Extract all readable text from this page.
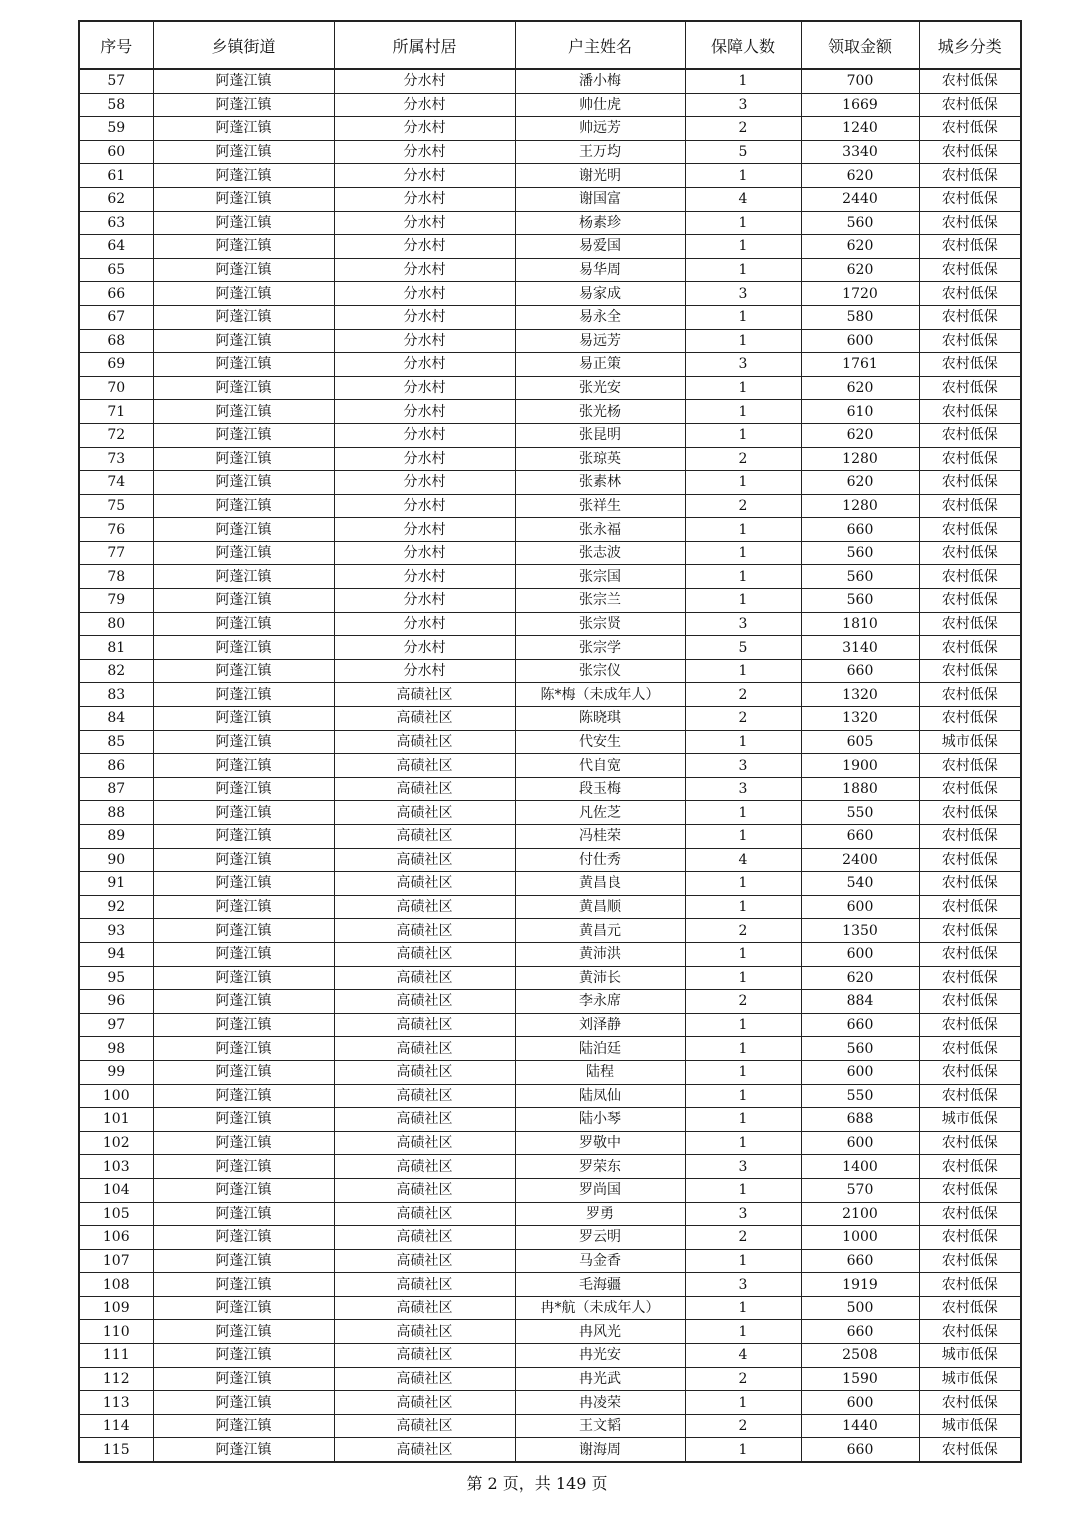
序号	乡镇街道	所属村居	户主姓名	保障人数	领取金额	城乡分类
57	阿蓬江镇	分水村	潘小梅	1	700	农村低保
58	阿蓬江镇	分水村	帅仕虎	3	1669	农村低保
59	阿蓬江镇	分水村	帅远芳	2	1240	农村低保
60	阿蓬江镇	分水村	王万均	5	3340	农村低保
61	阿蓬江镇	分水村	谢光明	1	620	农村低保
62	阿蓬江镇	分水村	谢国富	4	2440	农村低保
63	阿蓬江镇	分水村	杨素珍	1	560	农村低保
64	阿蓬江镇	分水村	易爱国	1	620	农村低保
65	阿蓬江镇	分水村	易华周	1	620	农村低保
66	阿蓬江镇	分水村	易家成	3	1720	农村低保
67	阿蓬江镇	分水村	易永全	1	580	农村低保
68	阿蓬江镇	分水村	易远芳	1	600	农村低保
69	阿蓬江镇	分水村	易正策	3	1761	农村低保
70	阿蓬江镇	分水村	张光安	1	620	农村低保
71	阿蓬江镇	分水村	张光杨	1	610	农村低保
72	阿蓬江镇	分水村	张昆明	1	620	农村低保
73	阿蓬江镇	分水村	张琼英	2	1280	农村低保
74	阿蓬江镇	分水村	张素林	1	620	农村低保
75	阿蓬江镇	分水村	张祥生	2	1280	农村低保
76	阿蓬江镇	分水村	张永福	1	660	农村低保
77	阿蓬江镇	分水村	张志波	1	560	农村低保
78	阿蓬江镇	分水村	张宗国	1	560	农村低保
79	阿蓬江镇	分水村	张宗兰	1	560	农村低保
80	阿蓬江镇	分水村	张宗贤	3	1810	农村低保
81	阿蓬江镇	分水村	张宗学	5	3140	农村低保
82	阿蓬江镇	分水村	张宗仪	1	660	农村低保
83	阿蓬江镇	高碛社区	陈*梅（未成年人）	2	1320	农村低保
84	阿蓬江镇	高碛社区	陈晓琪	2	1320	农村低保
85	阿蓬江镇	高碛社区	代安生	1	605	城市低保
86	阿蓬江镇	高碛社区	代自宽	3	1900	农村低保
87	阿蓬江镇	高碛社区	段玉梅	3	1880	农村低保
88	阿蓬江镇	高碛社区	凡佐芝	1	550	农村低保
89	阿蓬江镇	高碛社区	冯桂荣	1	660	农村低保
90	阿蓬江镇	高碛社区	付仕秀	4	2400	农村低保
91	阿蓬江镇	高碛社区	黄昌良	1	540	农村低保
92	阿蓬江镇	高碛社区	黄昌顺	1	600	农村低保
93	阿蓬江镇	高碛社区	黄昌元	2	1350	农村低保
94	阿蓬江镇	高碛社区	黄沛洪	1	600	农村低保
95	阿蓬江镇	高碛社区	黄沛长	1	620	农村低保
96	阿蓬江镇	高碛社区	李永席	2	884	农村低保
97	阿蓬江镇	高碛社区	刘泽静	1	660	农村低保
98	阿蓬江镇	高碛社区	陆泊廷	1	560	农村低保
99	阿蓬江镇	高碛社区	陆程	1	600	农村低保
100	阿蓬江镇	高碛社区	陆凤仙	1	550	农村低保
101	阿蓬江镇	高碛社区	陆小琴	1	688	城市低保
102	阿蓬江镇	高碛社区	罗敬中	1	600	农村低保
103	阿蓬江镇	高碛社区	罗荣东	3	1400	农村低保
104	阿蓬江镇	高碛社区	罗尚国	1	570	农村低保
105	阿蓬江镇	高碛社区	罗勇	3	2100	农村低保
106	阿蓬江镇	高碛社区	罗云明	2	1000	农村低保
107	阿蓬江镇	高碛社区	马金香	1	660	农村低保
108	阿蓬江镇	高碛社区	毛海疆	3	1919	农村低保
109	阿蓬江镇	高碛社区	冉*航（未成年人）	1	500	农村低保
110	阿蓬江镇	高碛社区	冉风光	1	660	农村低保
111	阿蓬江镇	高碛社区	冉光安	4	2508	城市低保
112	阿蓬江镇	高碛社区	冉光武	2	1590	城市低保
113	阿蓬江镇	高碛社区	冉凌荣	1	600	农村低保
114	阿蓬江镇	高碛社区	王文韬	2	1440	城市低保
115	阿蓬江镇	高碛社区	谢海周	1	660	农村低保
第 2 页，共 149 页
